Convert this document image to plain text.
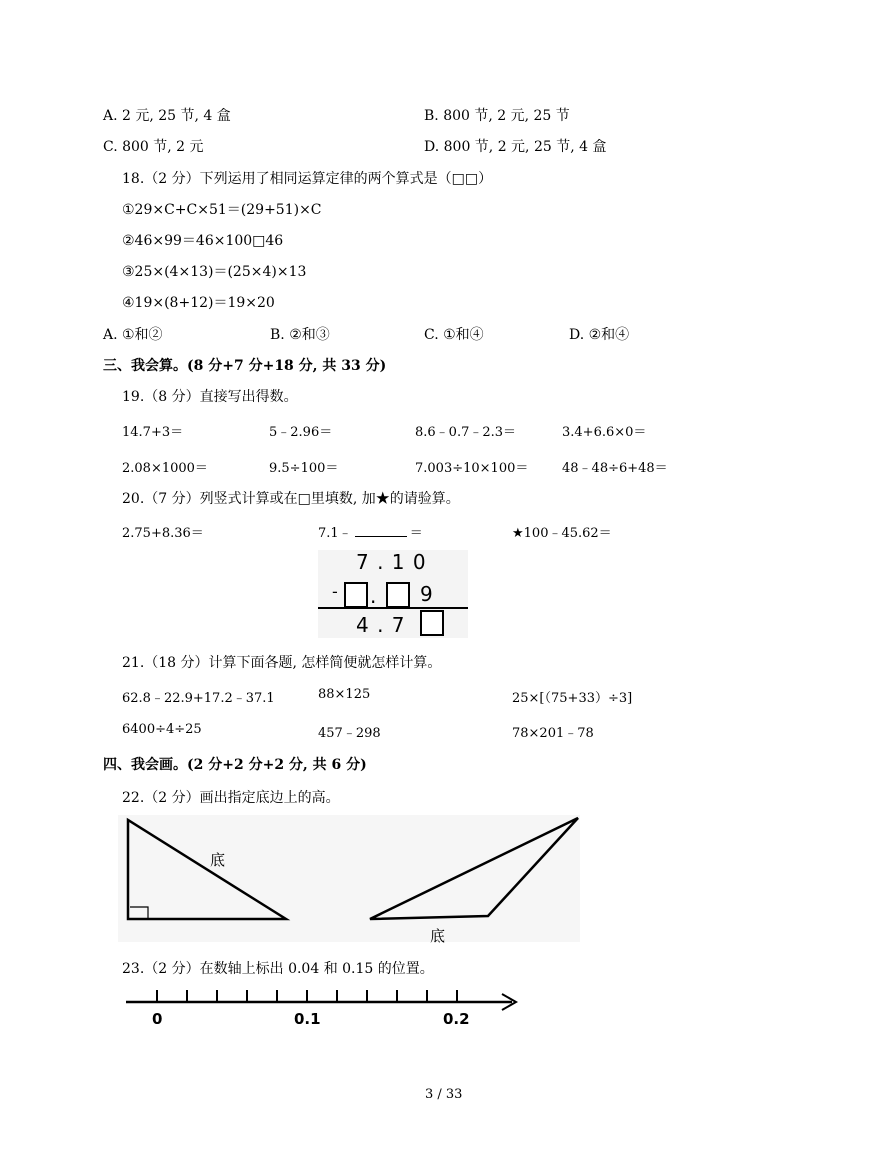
A. 2 元, 25 节, 4 盒	B. 800 节, 2 元, 25 节
C. 800 节, 2 元	D. 800 节, 2 元, 25 节, 4 盒
18.（2 分）下列运用了相同运算定律的两个算式是（□□）
①29×C+C×51＝(29+51)×C
②46×99＝46×100□46
③25×(4×13)＝(25×4)×13
④19×(8+12)＝19×20
A. ①和②	B. ②和③	C. ①和④	D. ②和④
三、我会算。(8 分+7 分+18 分, 共 33 分)
19.（8 分）直接写出得数。
14.7+3＝	5﹣2.96＝	8.6﹣0.7﹣2.3＝	3.4+6.6×0＝
2.08×1000＝	9.5÷100＝	7.003÷10×100＝	48﹣48÷6+48＝
20.（7 分）列竖式计算或在□里填数, 加★的请验算。
2.75+8.36＝	7.1﹣	＝	★100﹣45.62＝
7 . 1 0
- . 9
4 . 7
21.（18 分）计算下面各题, 怎样简便就怎样计算。
62.8﹣22.9+17.2﹣37.1	88×125	25×[（75+33）÷3]
6400÷4÷25	457﹣298	78×201﹣78
四、我会画。(2 分+2 分+2 分, 共 6 分)
22.（2 分）画出指定底边上的高。
底
底
23.（2 分）在数轴上标出 0.04 和 0.15 的位置。
0	0.1	0.2
3 / 33
